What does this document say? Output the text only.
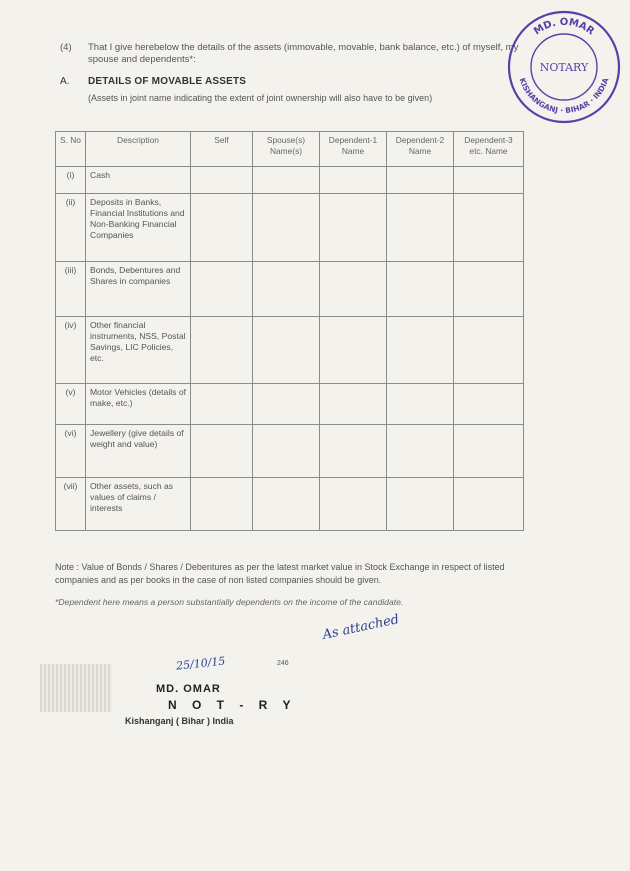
(4) That I give herebelow the details of the assets (immovable, movable, bank balance, etc.) of myself, my spouse and dependents*:
A. DETAILS OF MOVABLE ASSETS
(Assets in joint name indicating the extent of joint ownership will also have to be given)
S. No	Description	Self	Spouse(s) Name(s)	Dependent-1 Name	Dependent-2 Name	Dependent-3 etc. Name
(i)	Cash					
(ii)	Deposits in Banks, Financial Institutions and Non-Banking Financial Companies					
(iii)	Bonds, Debentures and Shares in companies					
(iv)	Other financial instruments, NSS, Postal Savings, LIC Policies, etc.					
(v)	Motor Vehicles (details of make, etc.)					
(vi)	Jewellery (give details of weight and value)					
(vii)	Other assets, such as values of claims / interests					
Note : Value of Bonds / Shares / Debentures as per the latest market value in Stock Exchange in respect of listed companies and as per books in the case of non listed companies should be given.
*Dependent here means a person substantially dependents on the income of the candidate.
As attached
25/10/15	246
MD. OMAR
N O T - R Y
Kishanganj ( Bihar ) India
MD. OMAR
KISHANGANJ · BIHAR · INDIA
NOTARY
